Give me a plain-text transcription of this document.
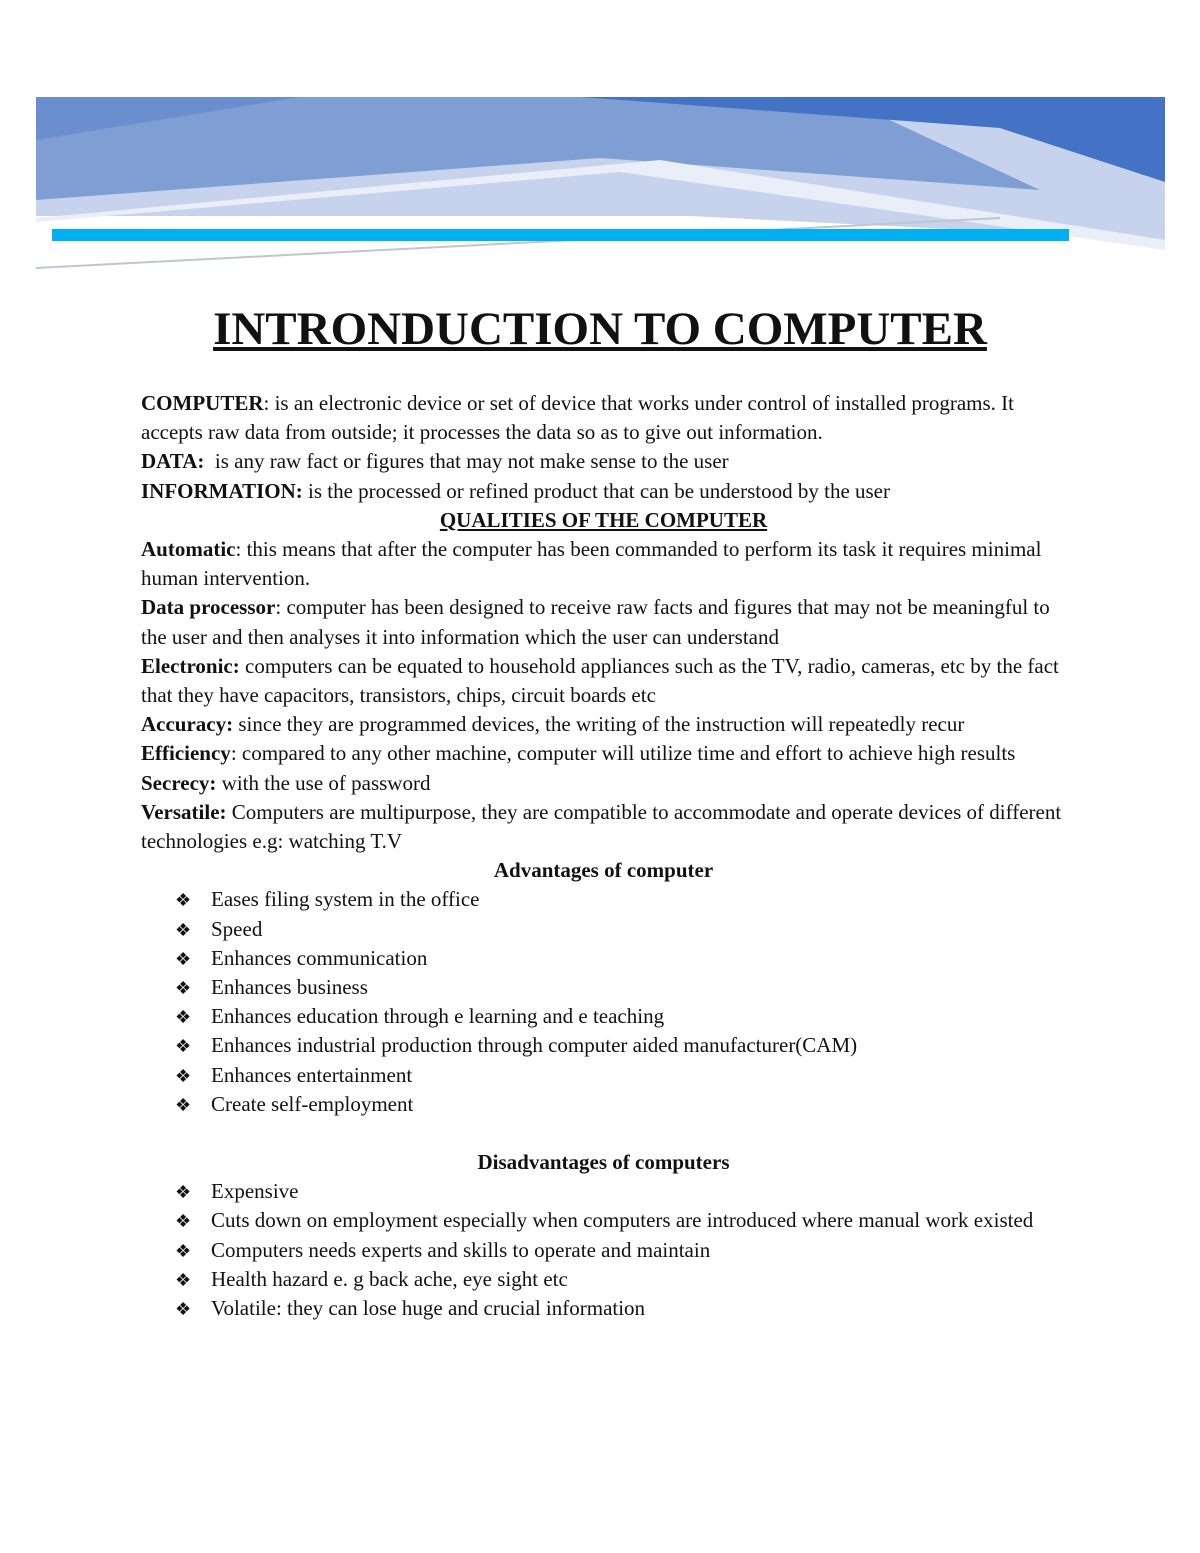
INTRONDUCTION TO COMPUTER

COMPUTER: is an electronic device or set of device that works under control of installed programs. It accepts raw data from outside; it processes the data so as to give out information.

DATA:  is any raw fact or figures that may not make sense to the user

INFORMATION: is the processed or refined product that can be understood by the user

QUALITIES OF THE COMPUTER

Automatic: this means that after the computer has been commanded to perform its task it requires minimal human intervention.

Data processor: computer has been designed to receive raw facts and figures that may not be meaningful to the user and then analyses it into information which the user can understand

Electronic: computers can be equated to household appliances such as the TV, radio, cameras, etc by the fact that they have capacitors, transistors, chips, circuit boards etc

Accuracy: since they are programmed devices, the writing of the instruction will repeatedly recur

Efficiency: compared to any other machine, computer will utilize time and effort to achieve high results

Secrecy: with the use of password

Versatile: Computers are multipurpose, they are compatible to accommodate and operate devices of different technologies e.g: watching T.V

Advantages of computer

❖ Eases filing system in the office
❖ Speed
❖ Enhances communication
❖ Enhances business
❖ Enhances education through e learning and e teaching
❖ Enhances industrial production through computer aided manufacturer(CAM)
❖ Enhances entertainment
❖ Create self-employment

Disadvantages of computers

❖ Expensive
❖ Cuts down on employment especially when computers are introduced where manual work existed
❖ Computers needs experts and skills to operate and maintain
❖ Health hazard e. g back ache, eye sight etc
❖ Volatile: they can lose huge and crucial information
